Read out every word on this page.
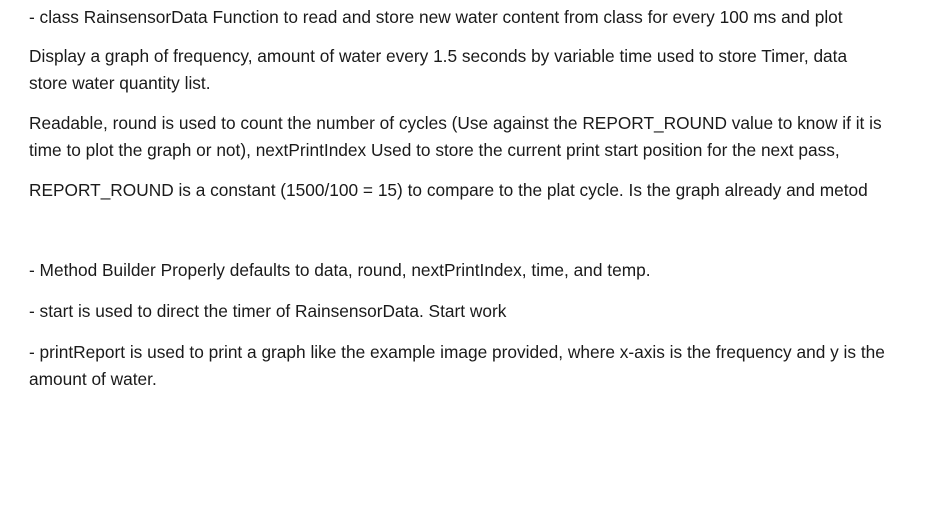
- class RainsensorData Function to read and store new water content from class for every 100 ms and plot

Display a graph of frequency, amount of water every 1.5 seconds by variable time used to store Timer, data store water quantity list.

Readable, round is used to count the number of cycles (Use against the REPORT_ROUND value to know if it is time to plot the graph or not), nextPrintIndex Used to store the current print start position for the next pass,

REPORT_ROUND is a constant (1500/100 = 15) to compare to the plat cycle. Is the graph already and metod

- Method Builder Properly defaults to data, round, nextPrintIndex, time, and temp.

- start is used to direct the timer of RainsensorData. Start work

- printReport is used to print a graph like the example image provided, where x-axis is the frequency and y is the amount of water.
